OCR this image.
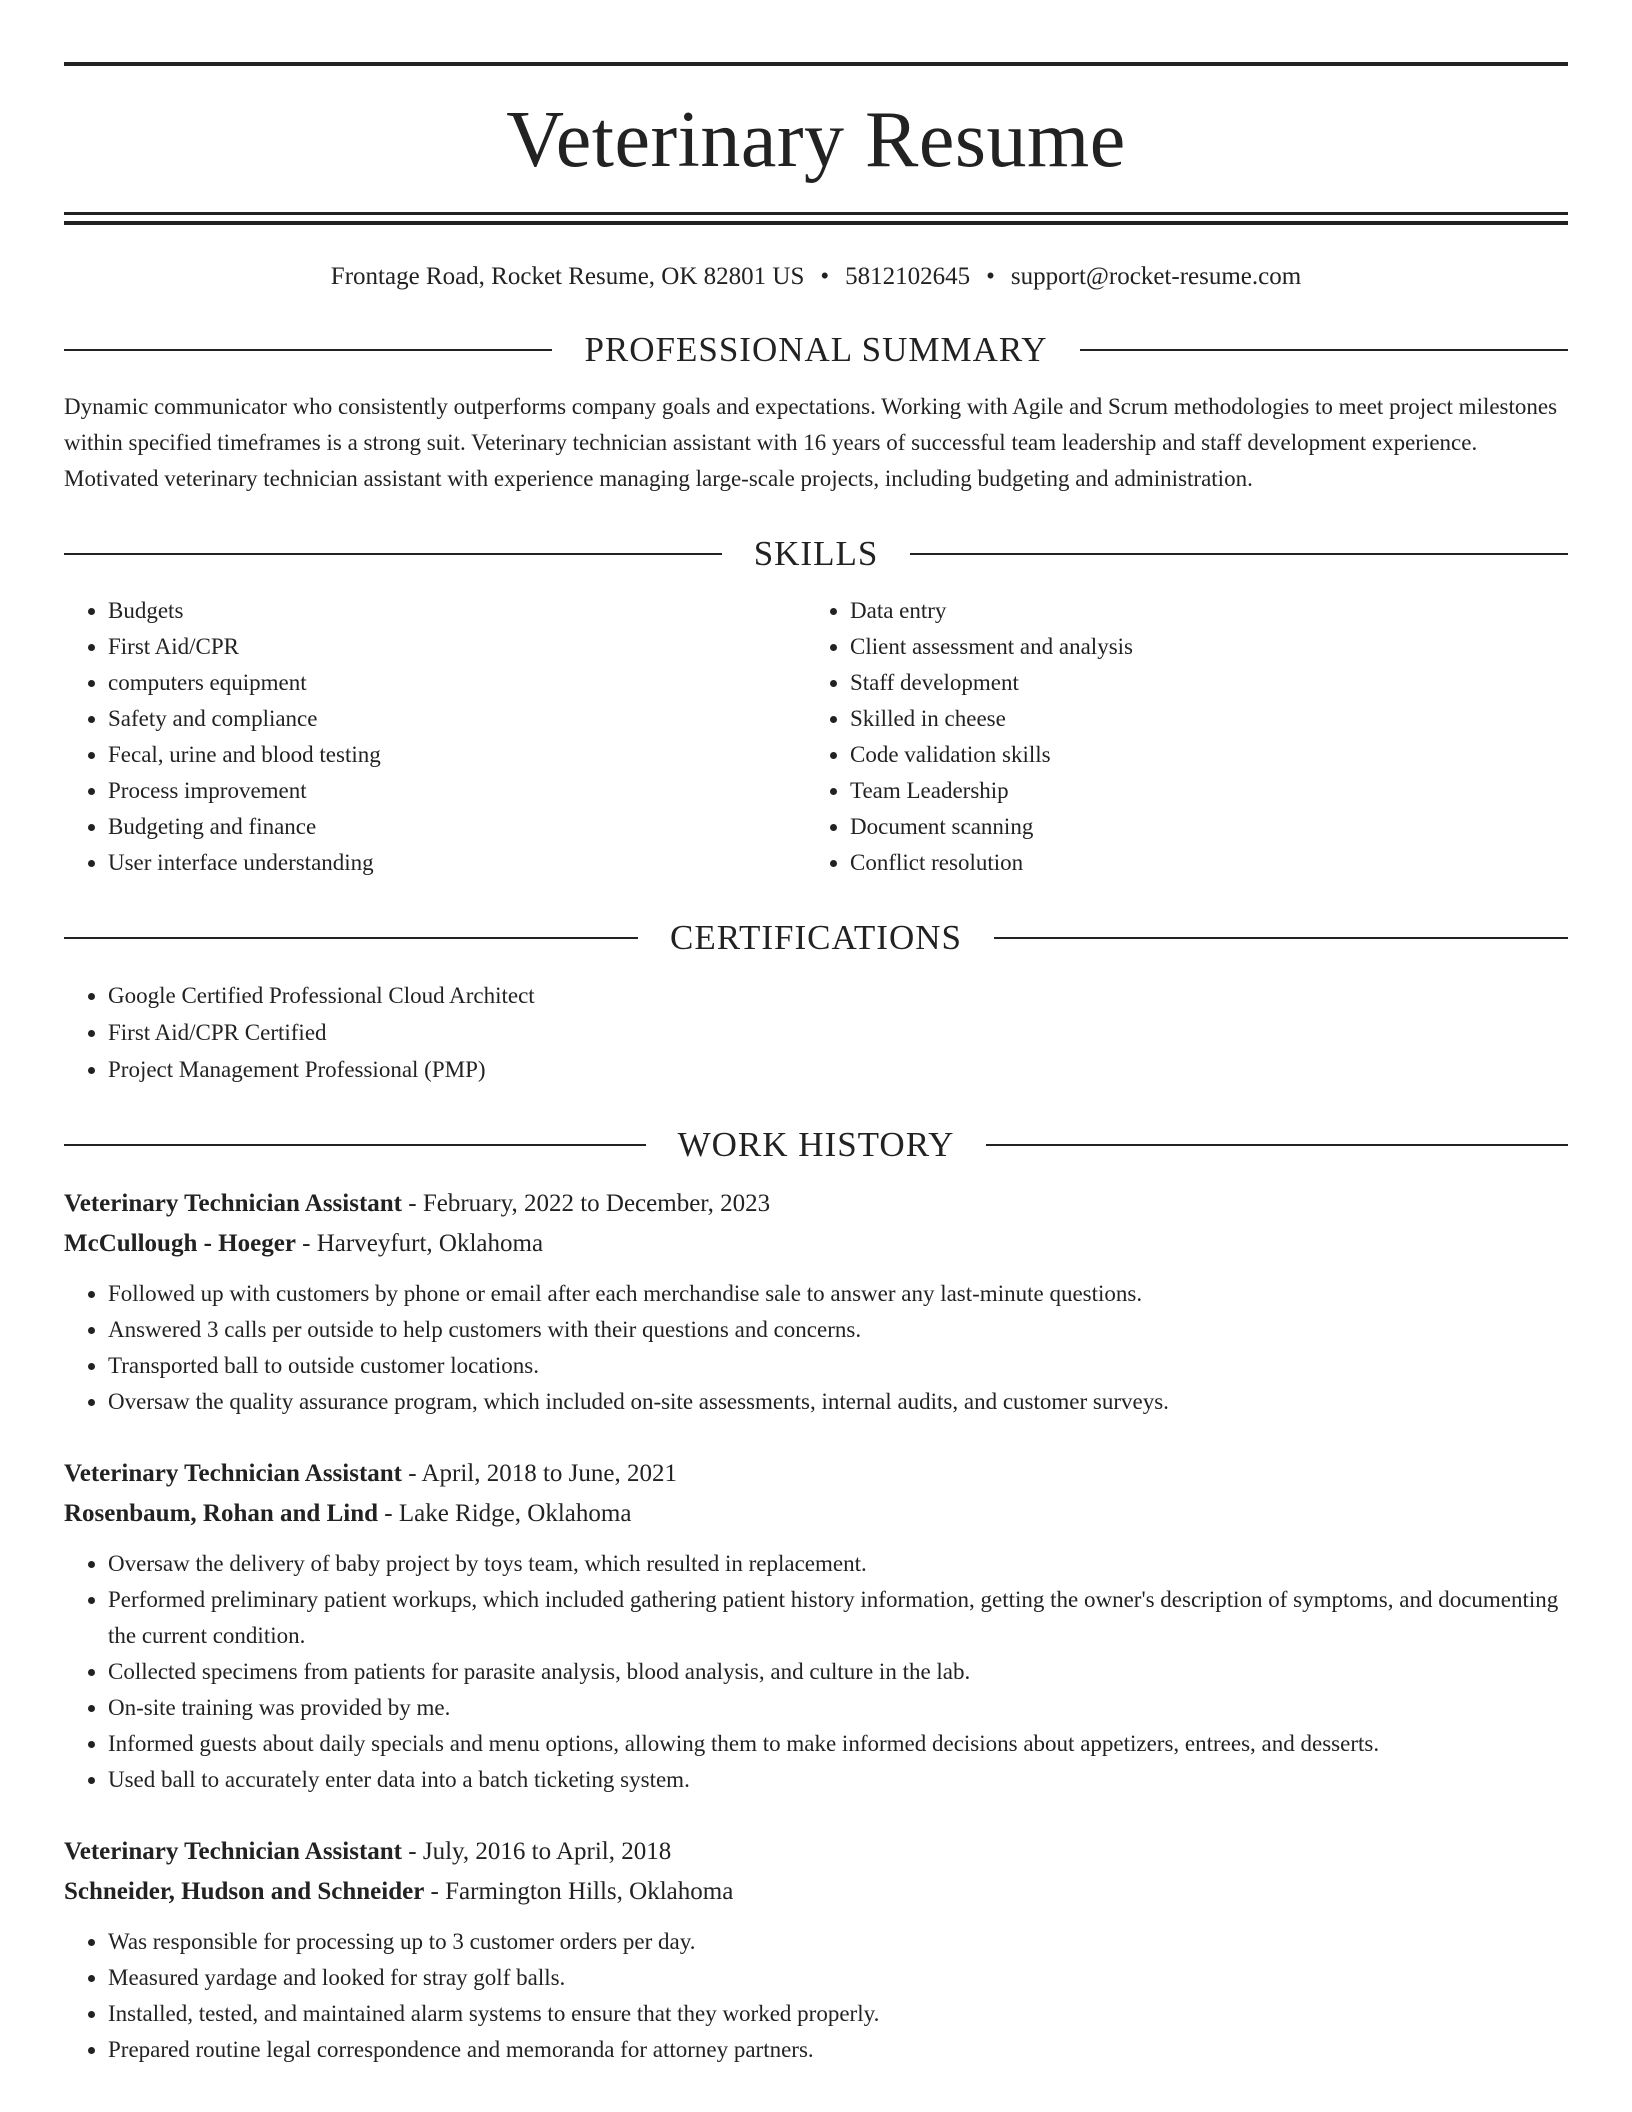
Veterinary Resume
Frontage Road, Rocket Resume, OK 82801 US • 5812102645 • support@rocket-resume.com
PROFESSIONAL SUMMARY
Dynamic communicator who consistently outperforms company goals and expectations. Working with Agile and Scrum methodologies to meet project milestones within specified timeframes is a strong suit. Veterinary technician assistant with 16 years of successful team leadership and staff development experience. Motivated veterinary technician assistant with experience managing large-scale projects, including budgeting and administration.
SKILLS
• Budgets
• First Aid/CPR
• computers equipment
• Safety and compliance
• Fecal, urine and blood testing
• Process improvement
• Budgeting and finance
• User interface understanding
• Data entry
• Client assessment and analysis
• Staff development
• Skilled in cheese
• Code validation skills
• Team Leadership
• Document scanning
• Conflict resolution
CERTIFICATIONS
• Google Certified Professional Cloud Architect
• First Aid/CPR Certified
• Project Management Professional (PMP)
WORK HISTORY
Veterinary Technician Assistant - February, 2022 to December, 2023
McCullough - Hoeger - Harveyfurt, Oklahoma
• Followed up with customers by phone or email after each merchandise sale to answer any last-minute questions.
• Answered 3 calls per outside to help customers with their questions and concerns.
• Transported ball to outside customer locations.
• Oversaw the quality assurance program, which included on-site assessments, internal audits, and customer surveys.
Veterinary Technician Assistant - April, 2018 to June, 2021
Rosenbaum, Rohan and Lind - Lake Ridge, Oklahoma
• Oversaw the delivery of baby project by toys team, which resulted in replacement.
• Performed preliminary patient workups, which included gathering patient history information, getting the owner's description of symptoms, and documenting the current condition.
• Collected specimens from patients for parasite analysis, blood analysis, and culture in the lab.
• On-site training was provided by me.
• Informed guests about daily specials and menu options, allowing them to make informed decisions about appetizers, entrees, and desserts.
• Used ball to accurately enter data into a batch ticketing system.
Veterinary Technician Assistant - July, 2016 to April, 2018
Schneider, Hudson and Schneider - Farmington Hills, Oklahoma
• Was responsible for processing up to 3 customer orders per day.
• Measured yardage and looked for stray golf balls.
• Installed, tested, and maintained alarm systems to ensure that they worked properly.
• Prepared routine legal correspondence and memoranda for attorney partners.
